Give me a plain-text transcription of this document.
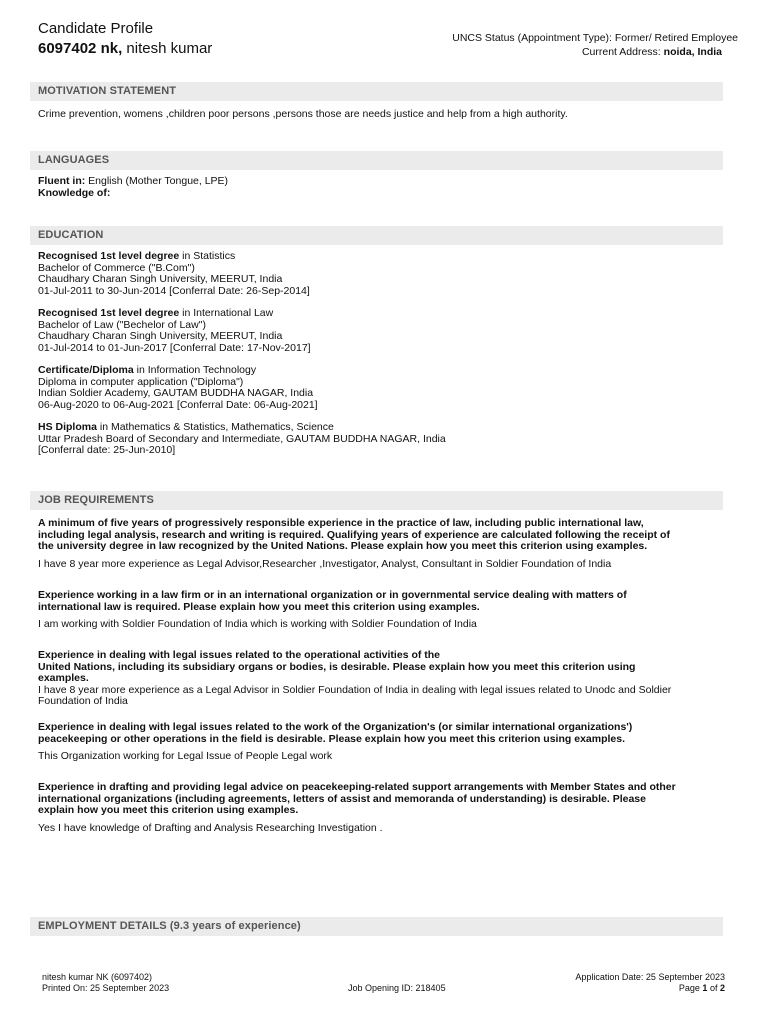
Candidate Profile
6097402 nk, nitesh kumar
UNCS Status (Appointment Type): Former/ Retired Employee
Current Address: noida, India
MOTIVATION STATEMENT
Crime prevention, womens ,children poor persons ,persons those are needs justice and help from a high authority.
LANGUAGES
Fluent in: English (Mother Tongue, LPE)
Knowledge of:
EDUCATION
Recognised 1st level degree in Statistics
Bachelor of Commerce ("B.Com")
Chaudhary Charan Singh University, MEERUT, India
01-Jul-2011 to 30-Jun-2014 [Conferral Date: 26-Sep-2014]
Recognised 1st level degree in International Law
Bachelor of Law ("Bechelor of Law")
Chaudhary Charan Singh University, MEERUT, India
01-Jul-2014 to 01-Jun-2017 [Conferral Date: 17-Nov-2017]
Certificate/Diploma in Information Technology
Diploma in computer application ("Diploma")
Indian Soldier Academy, GAUTAM BUDDHA NAGAR, India
06-Aug-2020 to 06-Aug-2021 [Conferral Date: 06-Aug-2021]
HS Diploma in Mathematics & Statistics, Mathematics, Science
Uttar Pradesh Board of Secondary and Intermediate, GAUTAM BUDDHA NAGAR, India
[Conferral date: 25-Jun-2010]
JOB REQUIREMENTS
A minimum of five years of progressively responsible experience in the practice of law, including public international law,
including legal analysis, research and writing is required. Qualifying years of experience are calculated following the receipt of
the university degree in law recognized by the United Nations. Please explain how you meet this criterion using examples.
I have 8 year more experience as Legal Advisor,Researcher ,Investigator, Analyst, Consultant in Soldier Foundation of India
Experience working in a law firm or in an international organization or in governmental service dealing with matters of
international law is required. Please explain how you meet this criterion using examples.
I am working with Soldier Foundation of India which is working with Soldier Foundation of India
Experience in dealing with legal issues related to the operational activities of the
United Nations, including its subsidiary organs or bodies, is desirable. Please explain how you meet this criterion using
examples.
I have 8 year more experience as a Legal Advisor in Soldier Foundation of India in dealing with legal issues related to Unodc and Soldier
Foundation of India
Experience in dealing with legal issues related to the work of the Organization's (or similar international organizations')
peacekeeping or other operations in the field is desirable. Please explain how you meet this criterion using examples.
This Organization working for Legal Issue of People Legal work
Experience in drafting and providing legal advice on peacekeeping-related support arrangements with Member States and other
international organizations (including agreements, letters of assist and memoranda of understanding) is desirable. Please
explain how you meet this criterion using examples.
Yes I have knowledge of Drafting and Analysis Researching Investigation .
EMPLOYMENT DETAILS (9.3 years of experience)
nitesh kumar NK (6097402)
Printed On: 25 September 2023	Job Opening ID: 218405
Application Date: 25 September 2023
Page 1 of 2
